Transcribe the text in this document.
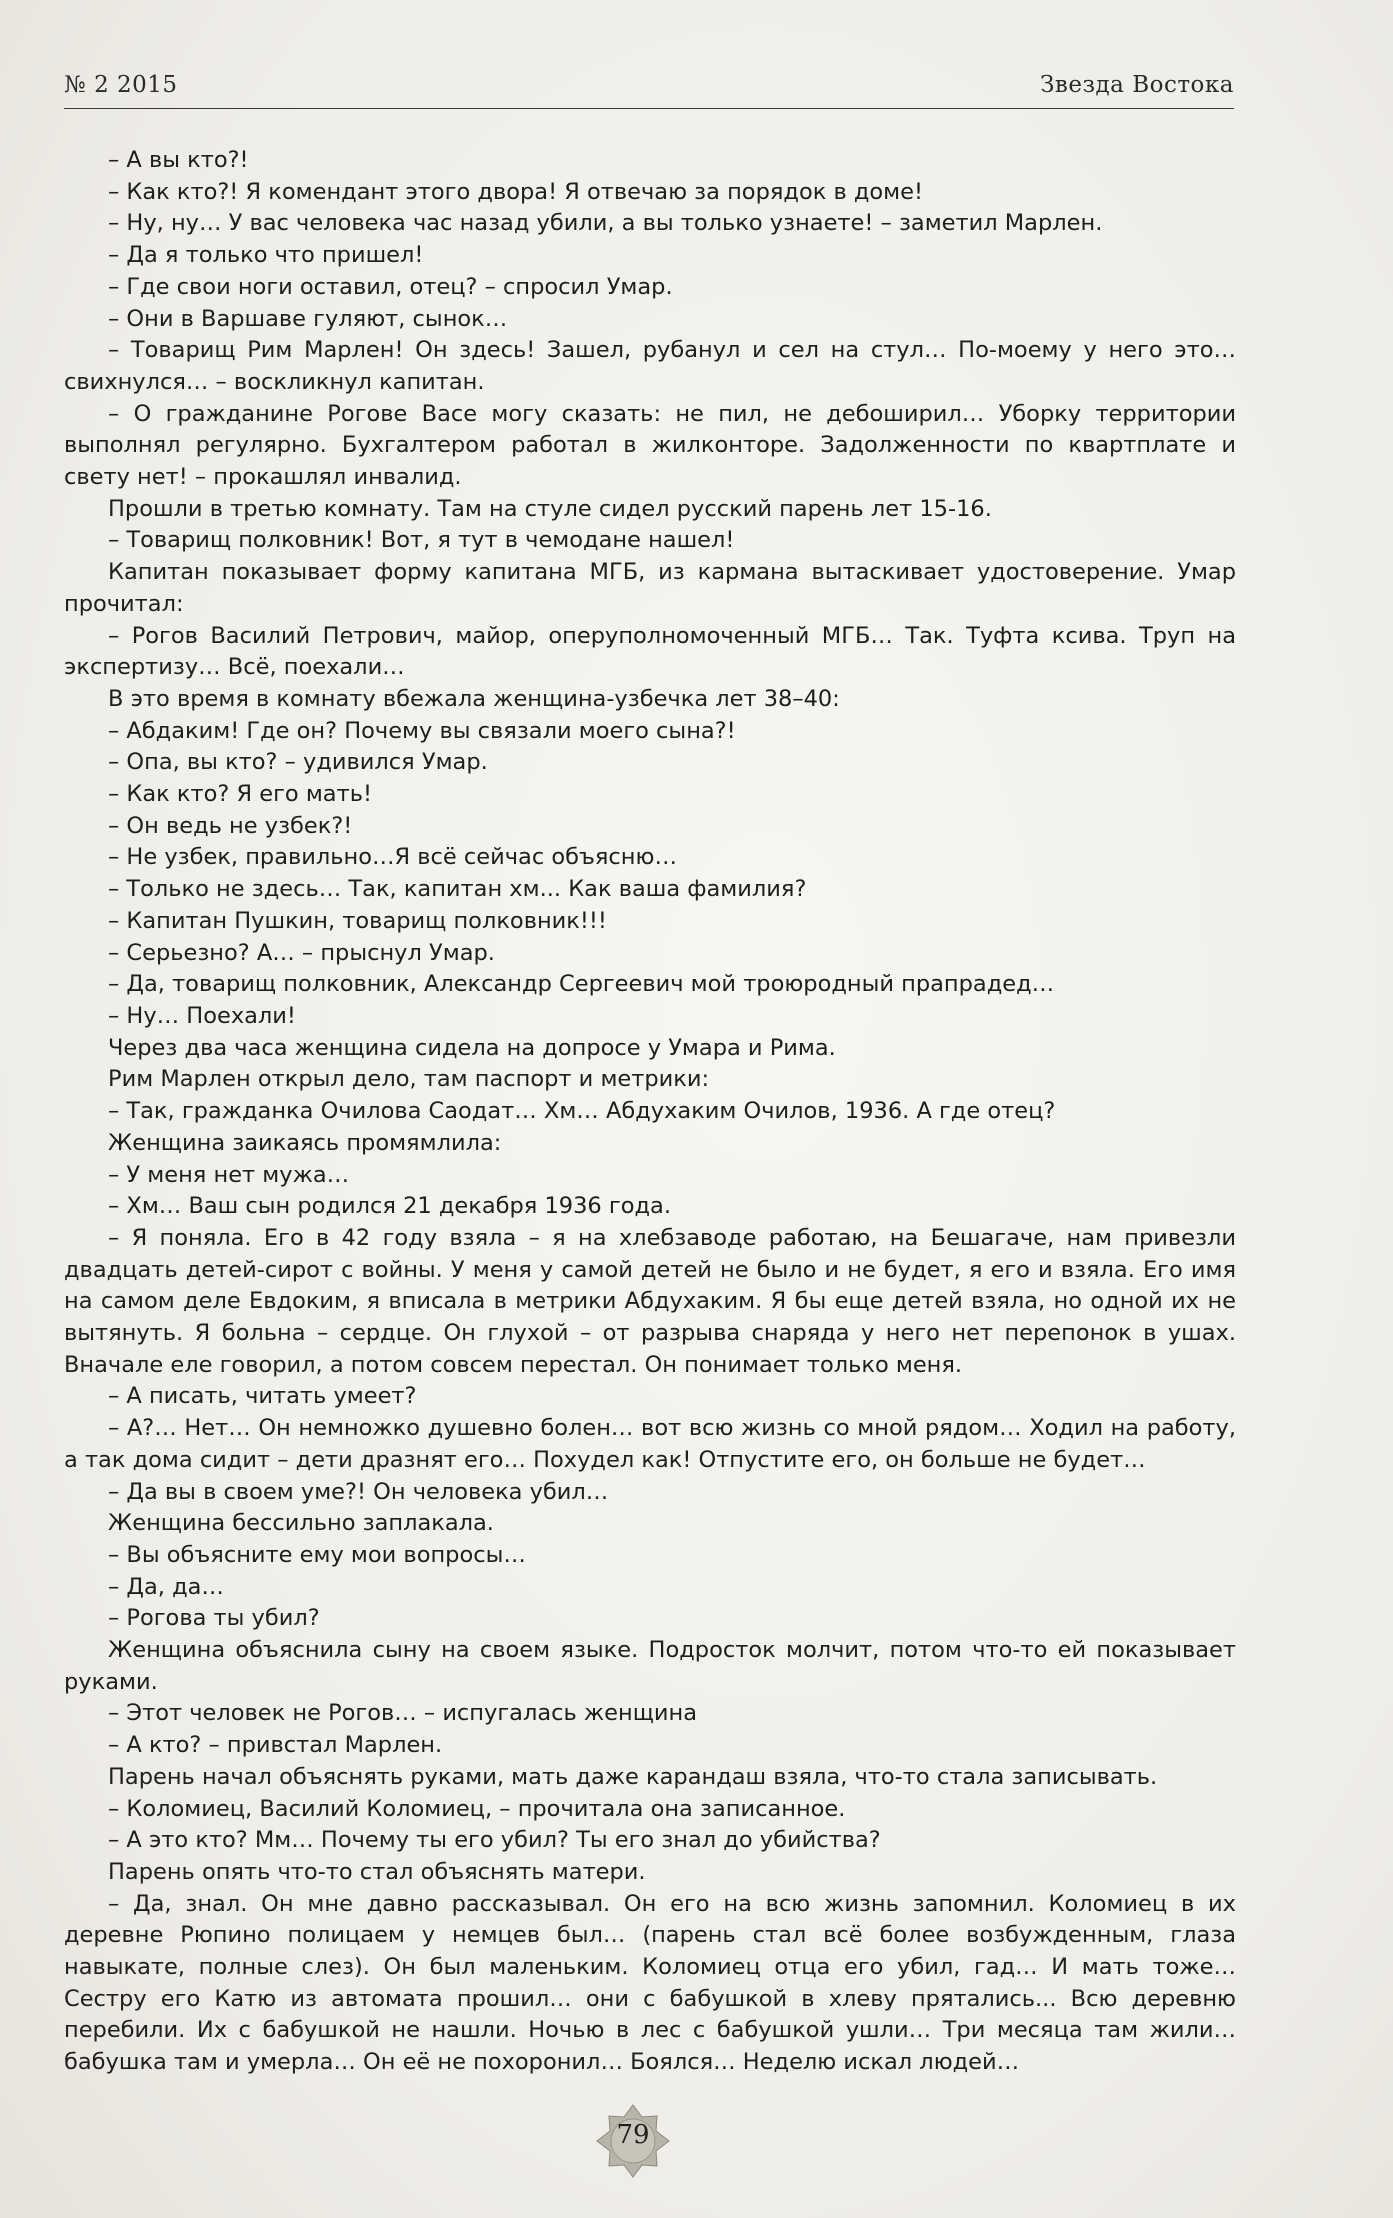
№ 2 2015	Звезда Востока

– А вы кто?!

– Как кто?! Я комендант этого двора! Я отвечаю за порядок в доме!

– Ну, ну… У вас человека час назад убили, а вы только узнаете! – заметил Марлен.

– Да я только что пришел!

– Где свои ноги оставил, отец? – спросил Умар.

– Они в Варшаве гуляют, сынок…

– Товарищ Рим Марлен! Он здесь! Зашел, рубанул и сел на стул… По-моему у него это… свихнулся… – воскликнул капитан.

– О гражданине Рогове Васе могу сказать: не пил, не дебоширил… Уборку территории выполнял регулярно. Бухгалтером работал в жилконторе. Задолженности по квартплате и свету нет! – прокашлял инвалид.

Прошли в третью комнату. Там на стуле сидел русский парень лет 15-16.

– Товарищ полковник! Вот, я тут в чемодане нашел!

Капитан показывает форму капитана МГБ, из кармана вытаскивает удостоверение. Умар прочитал:

– Рогов Василий Петрович, майор, оперуполномоченный МГБ… Так. Туфта ксива. Труп на экспертизу… Всё, поехали…

В это время в комнату вбежала женщина-узбечка лет 38–40:

– Абдаким! Где он? Почему вы связали моего сына?!

– Опа, вы кто? – удивился Умар.

– Как кто? Я его мать!

– Он ведь не узбек?!

– Не узбек, правильно…Я всё сейчас объясню…

– Только не здесь… Так, капитан хм... Как ваша фамилия?

– Капитан Пушкин, товарищ полковник!!!

– Серьезно? А… – прыснул Умар.

– Да, товарищ полковник, Александр Сергеевич мой троюродный прапрадед…

– Ну… Поехали!

Через два часа женщина сидела на допросе у Умара и Рима.

Рим Марлен открыл дело, там паспорт и метрики:

– Так, гражданка Очилова Саодат… Хм… Абдухаким Очилов, 1936. А где отец?

Женщина заикаясь промямлила:

– У меня нет мужа…

– Хм… Ваш сын родился 21 декабря 1936 года.

– Я поняла. Его в 42 году взяла – я на хлебзаводе работаю, на Бешагаче, нам привезли двадцать детей-сирот с войны. У меня у самой детей не было и не будет, я его и взяла. Его имя на самом деле Евдоким, я вписала в метрики Абдухаким. Я бы еще детей взяла, но одной их не вытянуть. Я больна – сердце. Он глухой – от разрыва снаряда у него нет перепонок в ушах. Вначале еле говорил, а потом совсем перестал. Он понимает только меня.

– А писать, читать умеет?

– А?… Нет… Он немножко душевно болен… вот всю жизнь со мной рядом… Ходил на работу, а так дома сидит – дети дразнят его… Похудел как! Отпустите его, он больше не будет…

– Да вы в своем уме?! Он человека убил…

Женщина бессильно заплакала.

– Вы объясните ему мои вопросы…

– Да, да…

– Рогова ты убил?

Женщина объяснила сыну на своем языке. Подросток молчит, потом что-то ей показывает руками.

– Этот человек не Рогов… – испугалась женщина

– А кто? – привстал Марлен.

Парень начал объяснять руками, мать даже карандаш взяла, что-то стала записывать.

– Коломиец, Василий Коломиец, – прочитала она записанное.

– А это кто? Мм… Почему ты его убил? Ты его знал до убийства?

Парень опять что-то стал объяснять матери.

– Да, знал. Он мне давно рассказывал. Он его на всю жизнь запомнил. Коломиец в их деревне Рюпино полицаем у немцев был… (парень стал всё более возбужденным, глаза навыкате, полные слез). Он был маленьким. Коломиец отца его убил, гад… И мать тоже… Сестру его Катю из автомата прошил… они с бабушкой в хлеву прятались... Всю деревню перебили. Их с бабушкой не нашли. Ночью в лес с бабушкой ушли… Три месяца там жили… бабушка там и умерла… Он её не похоронил… Боялся… Неделю искал людей…

79
